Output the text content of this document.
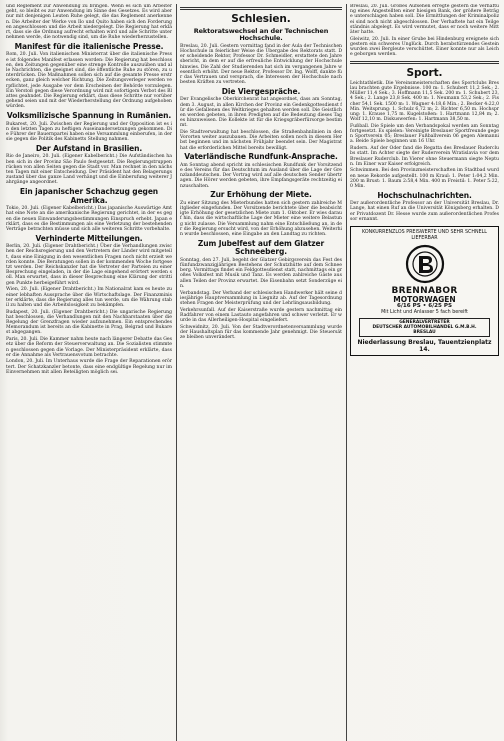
und Reglement zur Anwendung zu bringen. Wenn es sich um Arbeiter geht, so bleibt es zur Anwendung im Sinne des Gesetzes. Es wird aber nur mit denjenigen Leuten Ruhe gelegt, die das Reglement anerkennen. Die Arbeiter der Werke von Ilo und Quito haben sich den Forderungen angeschlossen und die Arbeit niedergelegt. Die Regierung hat erklärt, dass sie die Ordnung aufrecht erhalten wird und alle Schritte unternehmen werde, die notwendig sind, um die Ruhe wiederherzustellen.
Manifest für die italienische Presse.
Rom, 20. Juli. Von italienischen Ministerrat über die italienische Presse ist folgendes Manifest erlassen worden: Die Regierung hat beschlossen, den Zeitungen gegenüber eine strenge Kontrolle auszuüben und alle Nachrichten, die geeignet sind, die öffentliche Ruhe zu stören, zu unterdrücken. Die Maßnahmen sollen sich auf die gesamte Presse erstrecken, ganz gleich welcher Richtung. Die Zeitungsverleger werden verpflichtet, jede Ausgabe vor dem Erscheinen der Behörde vorzulegen. Ein Verstoß gegen diese Verordnung wird mit sofortigem Verbot des Blattes geahndet. Die Regierung erklärt, dass diese Schritte nur vorübergehend seien und mit der Wiederherstellung der Ordnung aufgehoben würden.
Volksmilizische Spannung in Rumänien.
Bukarest, 20. Juli. Zwischen der Regierung und der Opposition ist es in den letzten Tagen zu heftigen Auseinandersetzungen gekommen. Die Führer der Bauernpartei haben eine Versammlung einberufen, in der sie gegen die Politik des Kabinetts Stellung nahmen.
Der Aufstand in Brasilien.
Rio de Janeiro, 20. Juli. (Eigener Kabelbericht.) Die Aufständischen haben sich in der Provinz São Paulo festgesetzt. Die Regierungstruppen rücken von allen Seiten gegen die Stadt vor. Man rechnet in den nächsten Tagen mit einer Entscheidung. Der Präsident hat den Belagerungszustand über das ganze Land verhängt und die Einberufung weiterer Jahrgänge angeordnet.
Ein japanischer Schachzug gegen Amerika.
Tokio, 20. Juli. (Eigener Kabelbericht.) Das japanische Auswärtige Amt hat eine Note an die amerikanische Regierung gerichtet, in der es gegen die neuen Einwanderungsbestimmungen Einspruch erhebt. Japan erklärt, dass es die Bestimmungen als eine Verletzung der bestehenden Verträge betrachten müsse und sich alle weiteren Schritte vorbehalte.
Verhinderte Mitteilungen.
Berlin, 20. Juli. (Eigener Drahtbericht.) Über die Verhandlungen zwischen der Reichsregierung und den Vertretern der Länder wird mitgeteilt, dass eine Einigung in den wesentlichen Fragen noch nicht erzielt werden konnte. Die Beratungen sollen in der kommenden Woche fortgesetzt werden. Der Reichskanzler hat die Vertreter der Parteien zu einer Besprechung eingeladen, in der die Lage eingehend erörtert werden soll. Man erwartet, dass in dieser Besprechung eine Klärung der strittigen Punkte herbeigeführt wird.
Wien, 20. Juli. (Eigener Drahtbericht.) Im Nationalrat kam es heute zu einer lebhaften Aussprache über die Wirtschaftslage. Der Finanzminister erklärte, dass die Regierung alles tun werde, um die Währung stabil zu halten und die Arbeitslosigkeit zu bekämpfen.
Budapest, 20. Juli. (Eigener Drahtbericht.) Die ungarische Regierung hat beschlossen, die Verhandlungen mit den Nachbarstaaten über die Regelung der Grenzfragen wieder aufzunehmen. Ein entsprechendes Memorandum ist bereits an die Kabinette in Prag, Belgrad und Bukarest abgegangen.
Paris, 20. Juli. Die Kammer nahm heute nach längerer Debatte das Gesetz über die Reform der Steuerverwaltung an. Die Sozialisten stimmten geschlossen gegen die Vorlage. Der Ministerpräsident erklärte, dass er die Annahme als Vertrauensvotum betrachte.
London, 20. Juli. Im Unterhaus wurde die Frage der Reparationen erörtert. Der Schatzkanzler betonte, dass eine endgültige Regelung nur im Einvernehmen mit allen Beteiligten möglich sei.
Schlesien.
Rektoratswechsel an der Technischen Hochschule.
Breslau, 20. Juli. Gestern vormittag fand in der Aula der Technischen Hochschule in feierlicher Weise die Übergabe des Rektorats statt. Der scheidende Rektor, Professor Dr. Schmeidler, erstattete den Jahresbericht, in dem er auf die erfreuliche Entwicklung der Hochschule hinwies. Die Zahl der Studierenden hat sich im vergangenen Jahre wesentlich erhöht. Der neue Rektor, Professor Dr. Ing. Wolff, dankte für das Vertrauen und versprach, die Interessen der Hochschule nach besten Kräften zu vertreten.
Die Viergespräche.
Der Evangelische Oberkirchenrat hat angeordnet, dass am Sonntag, dem 3. August, in allen Kirchen der Provinz ein Gedenkgottesdienst für die Gefallenen des Weltkrieges gehalten werden soll. Die Geistlichen werden gebeten, in ihren Predigten auf die Bedeutung dieses Tages hinzuweisen. Die Kollekte ist für die Kriegsgräberfürsorge bestimmt.
Die Stadtverwaltung hat beschlossen, die Straßenbahnlinien in den Vororten weiter auszubauen. Die Arbeiten sollen noch in diesem Herbst beginnen und im nächsten Frühjahr beendet sein. Der Magistrat hat die erforderlichen Mittel bereits bewilligt.
Vaterländische Rundfunk-Ansprache.
Am Sonntag abend spricht im schlesischen Rundfunk der Vorsitzende des Vereins für das Deutschtum im Ausland über die Lage der Grenzlanddeutschen. Der Vortrag wird auf alle deutschen Sender übertragen. Die Hörer werden gebeten, ihre Empfangsgeräte rechtzeitig einzuschalten.
Zur Erhöhung der Miete.
Zu einer Sitzung des Mieterbundes hatten sich gestern zahlreiche Mitglieder eingefunden. Der Vorsitzende berichtete über die beabsichtigte Erhöhung der gesetzlichen Miete zum 1. Oktober. Er wies darauf hin, dass die wirtschaftliche Lage der Mieter eine weitere Belastung nicht zulasse. Die Versammlung nahm eine Entschließung an, in der die Regierung ersucht wird, von der Erhöhung abzusehen. Weiterhin wurde beschlossen, eine Eingabe an den Landtag zu richten.
Zum Jubelfest auf dem Glatzer Schneeberg.
Sonntag, den 27. Juli, begeht der Glatzer Gebirgsverein das Fest des fünfundzwanzigjährigen Bestehens der Schutzhütte auf dem Schneeberg. Vormittags findet ein Feldgottesdienst statt, nachmittags ein großes Volksfest mit Musik und Tanz. Es werden zahlreiche Gäste aus allen Teilen der Provinz erwartet. Die Eisenbahn setzt Sonderzüge ein.
Verbandstag. Der Verband der schlesischen Handwerker hält seine diesjährige Hauptversammlung in Liegnitz ab. Auf der Tagesordnung stehen Fragen der Meisterprüfung und der Lehrlingsausbildung.
Verkehrsunfall. Auf der Kaiserstraße wurde gestern nachmittag ein Radfahrer von einem Lastauto angefahren und schwer verletzt. Er wurde in das Allerheiligen-Hospital eingeliefert.
Schweidnitz, 20. Juli. Von der Stadtverordnetenversammlung wurde der Haushaltsplan für das kommende Jahr genehmigt. Die Steuersätze bleiben unverändert.
Breslau, 20. Juli. Großes Aufsehen erregte gestern die Verhaftung eines Angestellten einer hiesigen Bank, der größere Beträge unterschlagen haben soll. Die Ermittlungen der Kriminalpolizei sind noch nicht abgeschlossen. Der Verhaftete hat ein Teilgeständnis abgelegt. Es wird vermutet, dass er noch weitere Mittäter hatte.
Gleiwitz, 20. Juli. In einer Grube bei Hindenburg ereignete sich gestern ein schweres Unglück. Durch herabstürzendes Gestein wurden zwei Bergleute verschüttet. Einer konnte nur als Leiche geborgen werden.
Sport.
Leichtathletik. Die Vereinsmeisterschaften des Sportclubs Breslau brachten gute Ergebnisse. 100 m: 1. Schubert 11,2 Sek.; 2. Müller 11,4 Sek.; 3. Hoffmann 11,5 Sek. 200 m: 1. Schubert 23,4 Sek.; 2. Lange 23,8 Sek. 400 m: 1. Neumann 53,2 Sek.; 2. Fischer 54,1 Sek. 1500 m: 1. Wagner 4:18,6 Min.; 2. Becker 4:22,0 Min. Weitsprung: 1. Schulz 6,72 m; 2. Richter 6,50 m. Hochsprung: 1. Krause 1,75 m. Kugelstoßen: 1. Hartmann 12,84 m; 2. Wolf 12,10 m. Diskuswerfen: 1. Hartmann 38,50 m.
Fußball. Die Spiele um den Verbandspokal werden am Sonntag fortgesetzt. Es spielen: Vereinigte Breslauer Sportfreunde gegen Sportverein 05; Breslauer Fußballverein 06 gegen Alemannia. Beide Spiele beginnen um 16 Uhr.
Rudern. Auf der Oder fand die Regatta des Breslauer Ruderclubs statt. Im Achter siegte der Ruderverein Wratislavia vor dem Breslauer Ruderclub. Im Vierer ohne Steuermann siegte Neptun. Im Einer war Kaiser erfolgreich.
Schwimmen. Bei den Provinzmeisterschaften im Stadtbad wurden neue Rekorde aufgestellt. 100 m Kraul: 1. Peter 1:04,2 Min. 200 m Brust: 1. Baum 2:58,4 Min. 400 m Freistil: 1. Peter 5:22,0 Min.
Hochschulnachrichten.
Der außerordentliche Professor an der Universität Breslau, Dr. Lange, hat einen Ruf an die Universität Königsberg erhalten. Der Privatdozent Dr. Hesse wurde zum außerordentlichen Professor ernannt.
KONKURRENZLOS PREISWERTE UND SEHR SCHNELL LIEFERBAR
BRENNABOR
MOTORWAGEN
6/16 PS • 6/25 PS
Mit Licht und Anlasser 5 fach bereift
GENERALVERTRETER
DEUTSCHER AUTOMOBILHANDEL G.M.B.H. BRESLAU
Niederlassung Breslau, Tauentzienplatz 14.
